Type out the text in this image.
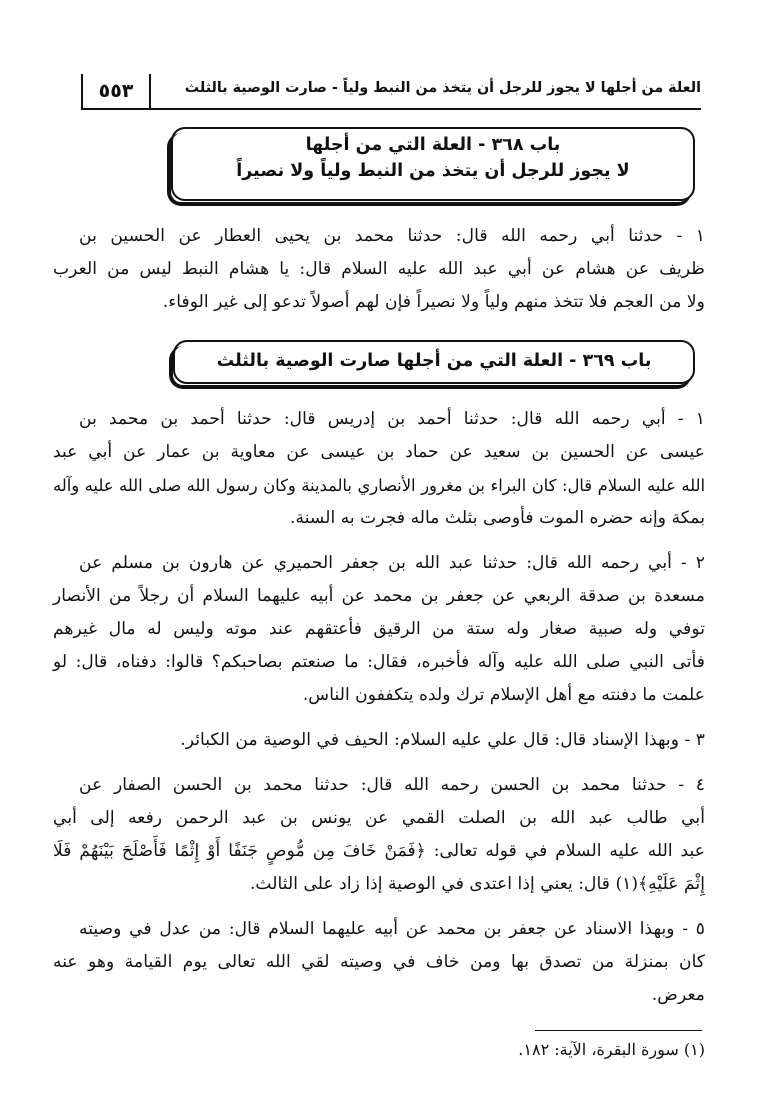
العلة من أجلها لا يجوز للرجل أن يتخذ من النبط ولياً - صارت الوصية بالثلث
٥٥٣
باب ٣٦٨ - العلة التي من أجلها
لا يجوز للرجل أن يتخذ من النبط ولياً ولا نصيراً
١ - حدثنا أبي رحمه الله قال: حدثنا محمد بن يحيى العطار عن الحسين بن
ظريف عن هشام عن أبي عبد الله عليه السلام قال: يا هشام النبط ليس من العرب
ولا من العجم فلا تتخذ منهم ولياً ولا نصيراً فإن لهم أصولاً تدعو إلى غير الوفاء.
باب ٣٦٩ - العلة التي من أجلها صارت الوصية بالثلث
١ - أبي رحمه الله قال: حدثنا أحمد بن إدريس قال: حدثنا أحمد بن محمد بن
عيسى عن الحسين بن سعيد عن حماد بن عيسى عن معاوية بن عمار عن أبي عبد
الله عليه السلام قال: كان البراء بن مغرور الأنصاري بالمدينة وكان رسول الله صلى الله عليه وآله
بمكة وإنه حضره الموت فأوصى بثلث ماله فجرت به السنة.
٢ - أبي رحمه الله قال: حدثنا عبد الله بن جعفر الحميري عن هارون بن مسلم عن
مسعدة بن صدقة الربعي عن جعفر بن محمد عن أبيه عليهما السلام أن رجلاً من الأنصار
توفي وله صبية صغار وله ستة من الرقيق فأعتقهم عند موته وليس له مال غيرهم
فأتى النبي صلى الله عليه وآله فأخبره، فقال: ما صنعتم بصاحبكم؟ قالوا: دفناه، قال: لو
علمت ما دفنته مع أهل الإسلام ترك ولده يتكففون الناس.
٣ - وبهذا الإسناد قال: قال علي عليه السلام: الحيف في الوصية من الكبائر.
٤ - حدثنا محمد بن الحسن رحمه الله قال: حدثنا محمد بن الحسن الصفار عن
أبي طالب عبد الله بن الصلت القمي عن يونس بن عبد الرحمن رفعه إلى أبي
عبد الله عليه السلام في قوله تعالى: ﴿فَمَنْ خَافَ مِن مُّوصٍ جَنَفًا أَوْ إِثْمًا فَأَصْلَحَ بَيْنَهُمْ فَلَا
إِثْمَ عَلَيْهِ﴾(١) قال: يعني إذا اعتدى في الوصية إذا زاد على الثالث.
٥ - وبهذا الاسناد عن جعفر بن محمد عن أبيه عليهما السلام قال: من عدل في وصيته
كان بمنزلة من تصدق بها ومن خاف في وصيته لقي الله تعالى يوم القيامة وهو عنه
معرض.
(١) سورة البقرة، الآية: ١٨٢.
